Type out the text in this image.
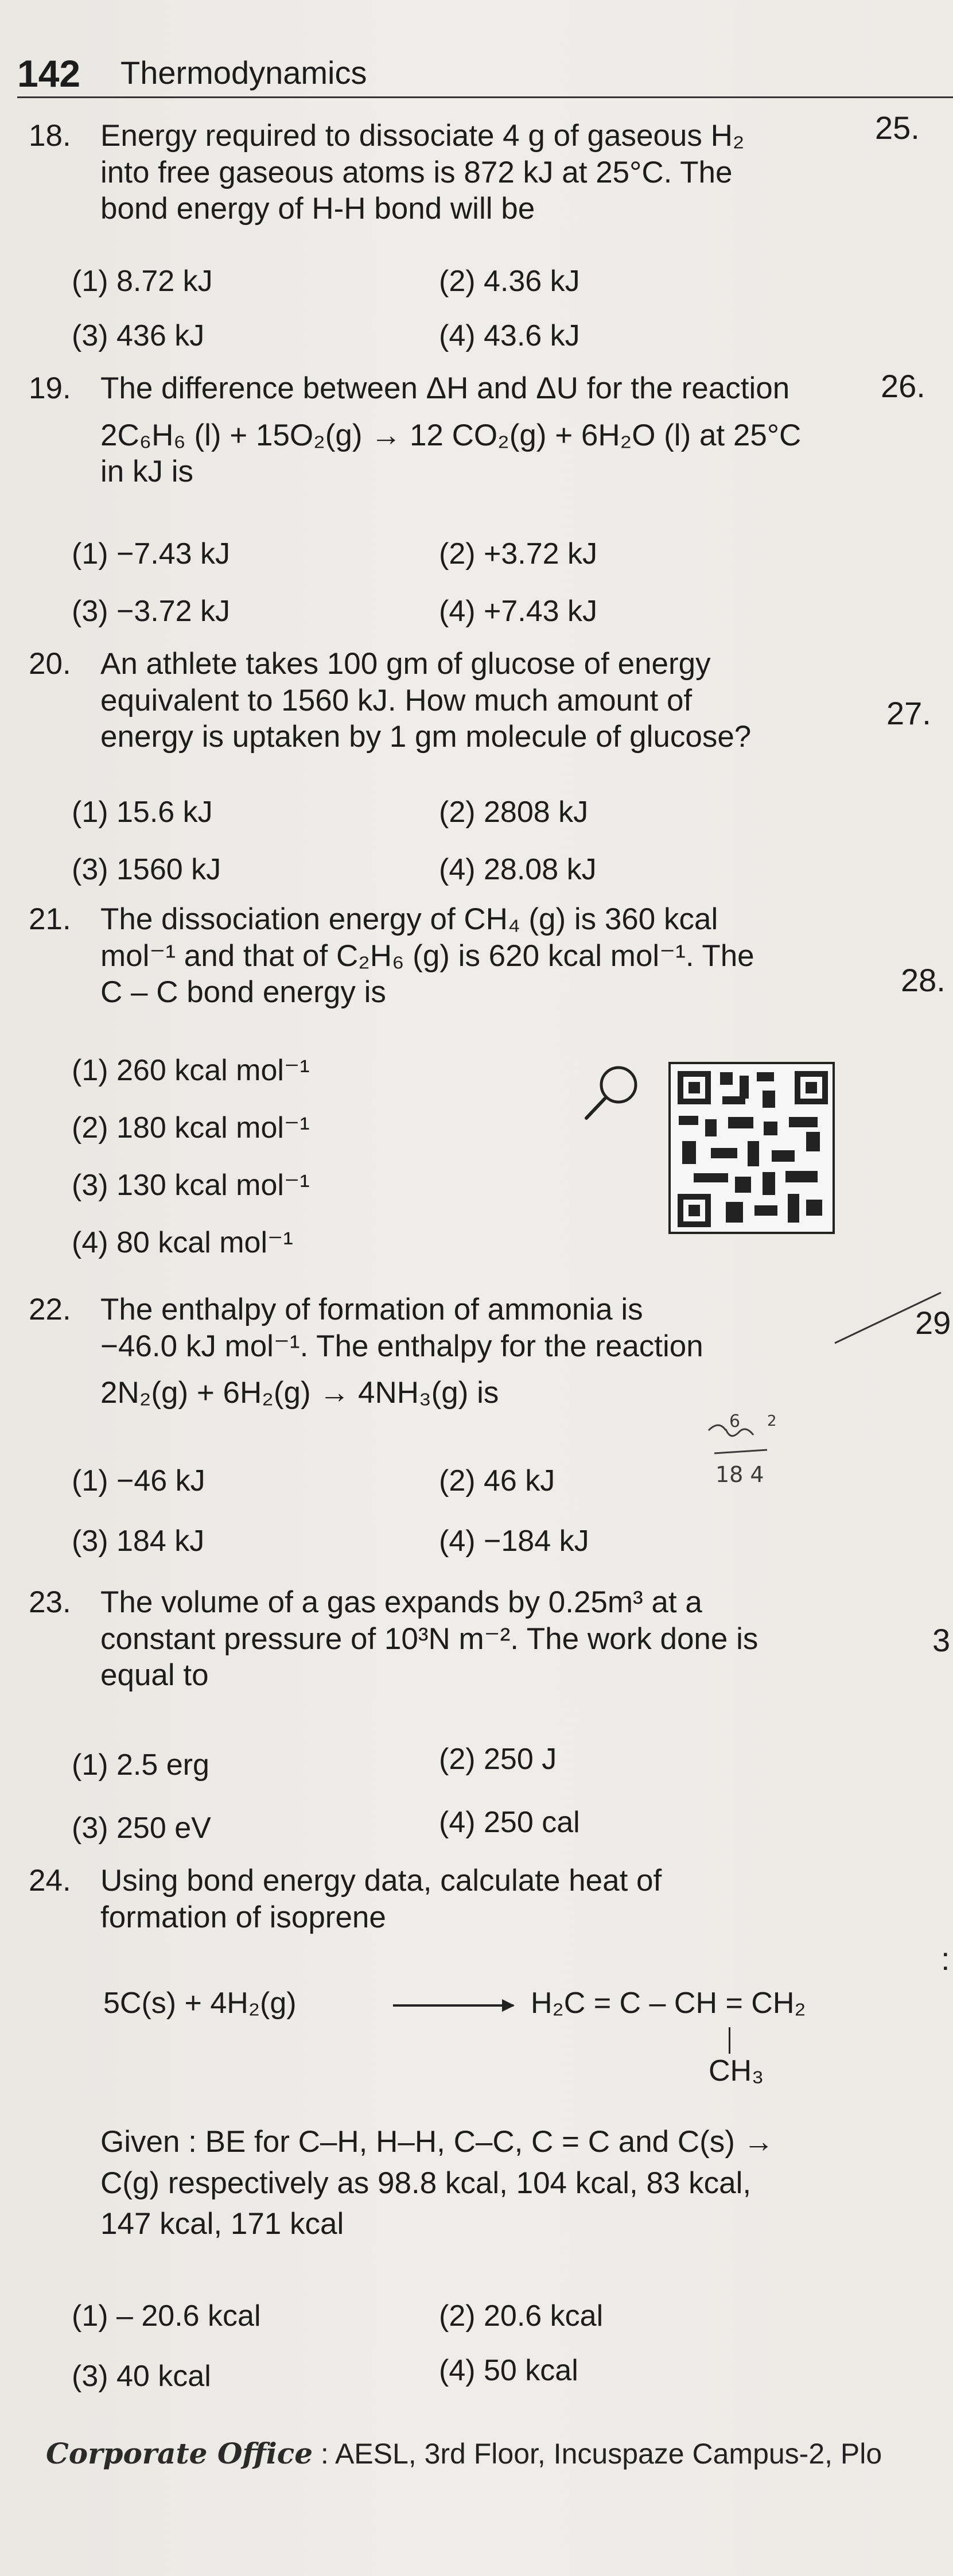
142 Thermodynamics
25.
26.
27.
28.
29
3
:
18. Energy required to dissociate 4 g of gaseous H₂
into free gaseous atoms is 872 kJ at 25°C. The
bond energy of H-H bond will be
(1) 8.72 kJ	(2) 4.36 kJ
(3) 436 kJ	(4) 43.6 kJ
19. The difference between ΔH and ΔU for the reaction
2C₆H₆ (l) + 15O₂(g) → 12 CO₂(g) + 6H₂O (l) at 25°C
in kJ is
(1) −7.43 kJ	(2) +3.72 kJ
(3) −3.72 kJ	(4) +7.43 kJ
20. An athlete takes 100 gm of glucose of energy
equivalent to 1560 kJ. How much amount of
energy is uptaken by 1 gm molecule of glucose?
(1) 15.6 kJ	(2) 2808 kJ
(3) 1560 kJ	(4) 28.08 kJ
21. The dissociation energy of CH₄ (g) is 360 kcal
mol⁻¹ and that of C₂H₆ (g) is 620 kcal mol⁻¹. The
C – C bond energy is
(1) 260 kcal mol⁻¹
(2) 180 kcal mol⁻¹
(3) 130 kcal mol⁻¹
(4) 80 kcal mol⁻¹
22. The enthalpy of formation of ammonia is
−46.0 kJ mol⁻¹. The enthalpy for the reaction
2N₂(g) + 6H₂(g) → 4NH₃(g) is
(1) −46 kJ	(2) 46 kJ
(3) 184 kJ	(4) −184 kJ
6 2
18 4
23. The volume of a gas expands by 0.25m³ at a
constant pressure of 10³N m⁻². The work done is
equal to
(1) 2.5 erg	(2) 250 J
(3) 250 eV	(4) 250 cal
24. Using bond energy data, calculate heat of
formation of isoprene
5C(s) + 4H₂(g)	H₂C = C – CH = CH₂
CH₃
Given : BE for C–H, H–H, C–C, C = C and C(s) →
C(g) respectively as 98.8 kcal, 104 kcal, 83 kcal,
147 kcal, 171 kcal
(1) – 20.6 kcal	(2) 20.6 kcal
(3) 40 kcal	(4) 50 kcal
Corporate Office : AESL, 3rd Floor, Incuspaze Campus-2, Plo
